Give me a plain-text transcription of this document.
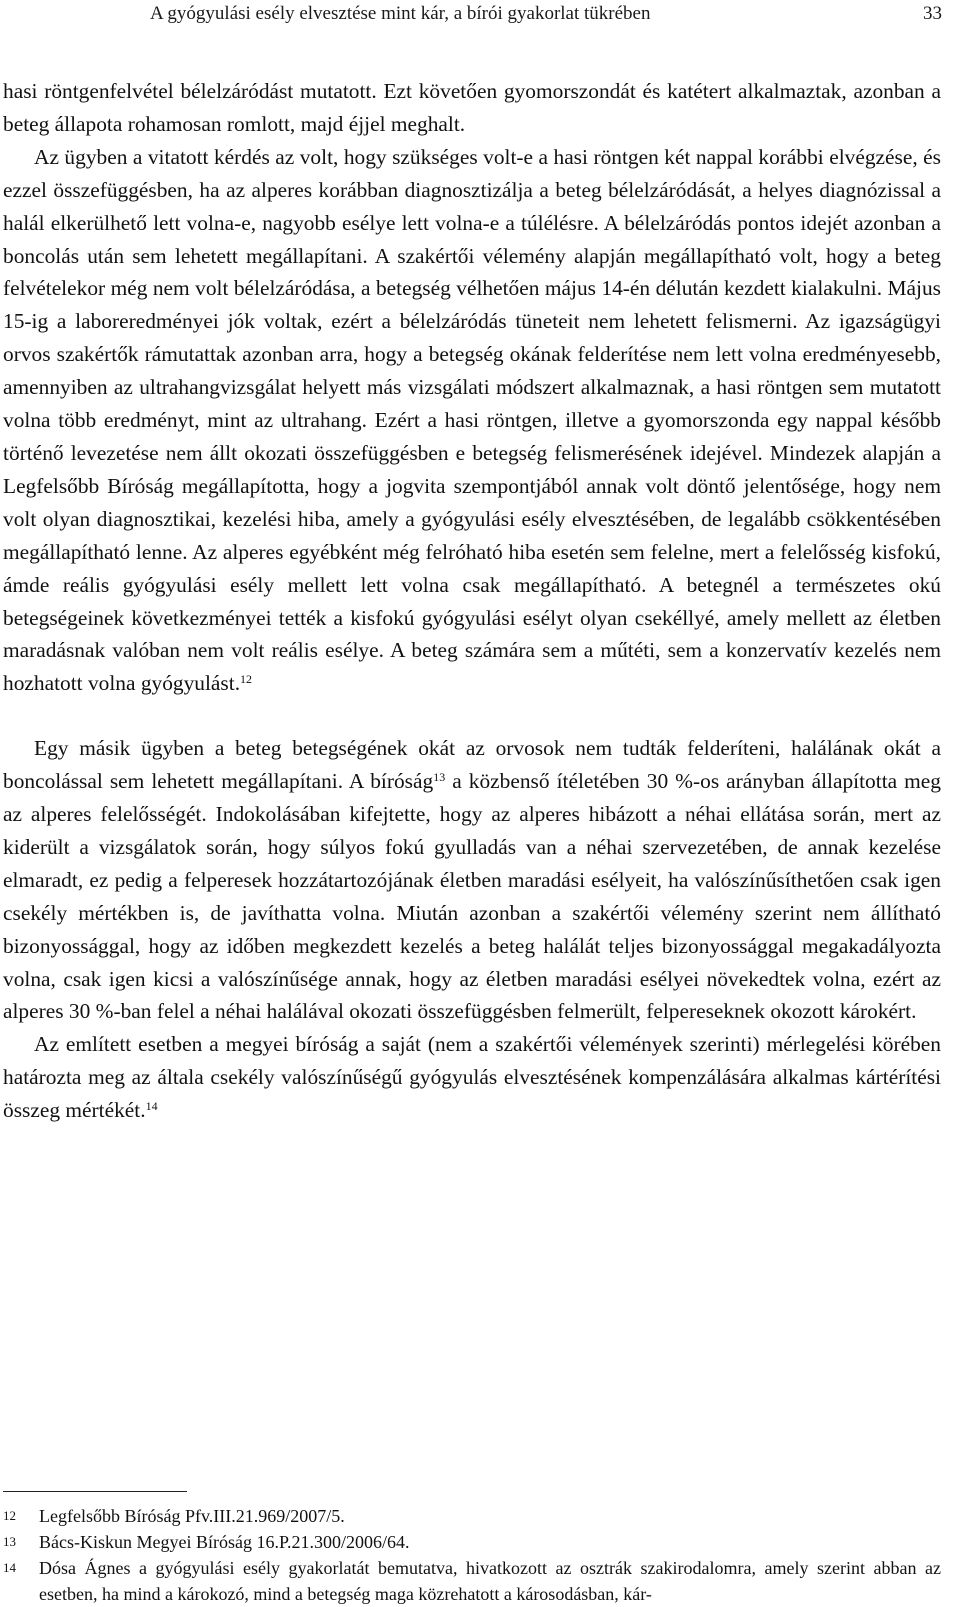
A gyógyulási esély elvesztése mint kár, a bírói gyakorlat tükrében	33

hasi röntgenfelvétel bélelzáródást mutatott. Ezt követően gyomorszondát és katétert alkalmaztak, azonban a beteg állapota rohamosan romlott, majd éjjel meghalt.

Az ügyben a vitatott kérdés az volt, hogy szükséges volt-e a hasi röntgen két nappal korábbi elvégzése, és ezzel összefüggésben, ha az alperes korábban diagnosztizálja a beteg bélelzáródását, a helyes diagnózissal a halál elkerülhető lett volna-e, nagyobb esélye lett volna-e a túlélésre. A bélelzáródás pontos idejét azonban a boncolás után sem lehetett megállapítani. A szakértői vélemény alapján megállapítható volt, hogy a beteg felvételekor még nem volt bélelzáródása, a betegség vélhetően május 14-én délután kezdett kialakulni. Május 15-ig a laboreredményei jók voltak, ezért a bélelzáródás tüneteit nem lehetett felismerni. Az igazságügyi orvos szakértők rámutattak azonban arra, hogy a betegség okának felderítése nem lett volna eredményesebb, amennyiben az ultrahangvizsgálat helyett más vizsgálati módszert alkalmaznak, a hasi röntgen sem mutatott volna több eredményt, mint az ultrahang. Ezért a hasi röntgen, illetve a gyomorszonda egy nappal később történő levezetése nem állt okozati összefüggésben e betegség felismerésének idejével. Mindezek alapján a Legfelsőbb Bíróság megállapította, hogy a jogvita szempontjából annak volt döntő jelentősége, hogy nem volt olyan diagnosztikai, kezelési hiba, amely a gyógyulási esély elvesztésében, de legalább csökkentésében megállapítható lenne. Az alperes egyébként még felróható hiba esetén sem felelne, mert a felelősség kisfokú, ámde reális gyógyulási esély mellett lett volna csak megállapítható. A betegnél a természetes okú betegségeinek következményei tették a kisfokú gyógyulási esélyt olyan csekéllyé, amely mellett az életben maradásnak valóban nem volt reális esélye. A beteg számára sem a műtéti, sem a konzervatív kezelés nem hozhatott volna gyógyulást.$^{12}$

Egy másik ügyben a beteg betegségének okát az orvosok nem tudták felderíteni, halálának okát a boncolással sem lehetett megállapítani. A bíróság$^{13}$ a közbenső ítéletében 30 %-os arányban állapította meg az alperes felelősségét. Indokolásában kifejtette, hogy az alperes hibázott a néhai ellátása során, mert az kiderült a vizsgálatok során, hogy súlyos fokú gyulladás van a néhai szervezetében, de annak kezelése elmaradt, ez pedig a felperesek hozzátartozójának életben maradási esélyeit, ha valószínűsíthetően csak igen csekély mértékben is, de javíthatta volna. Miután azonban a szakértői vélemény szerint nem állítható bizonyossággal, hogy az időben megkezdett kezelés a beteg halálát teljes bizonyossággal megakadályozta volna, csak igen kicsi a valószínűsége annak, hogy az életben maradási esélyei növekedtek volna, ezért az alperes 30 %-ban felel a néhai halálával okozati összefüggésben felmerült, felpereseknek okozott károkért.

Az említett esetben a megyei bíróság a saját (nem a szakértői vélemények szerinti) mérlegelési körében határozta meg az általa csekély valószínűségű gyógyulás elvesztésének kompenzálására alkalmas kártérítési összeg mértékét.$^{14}$

12	Legfelsőbb Bíróság Pfv.III.21.969/2007/5.
13	Bács-Kiskun Megyei Bíróság 16.P.21.300/2006/64.
14	Dósa Ágnes a gyógyulási esély gyakorlatát bemutatva, hivatkozott az osztrák szakirodalomra, amely szerint abban az esetben, ha mind a károkozó, mind a betegség maga közrehatott a károsodásban, kár-
